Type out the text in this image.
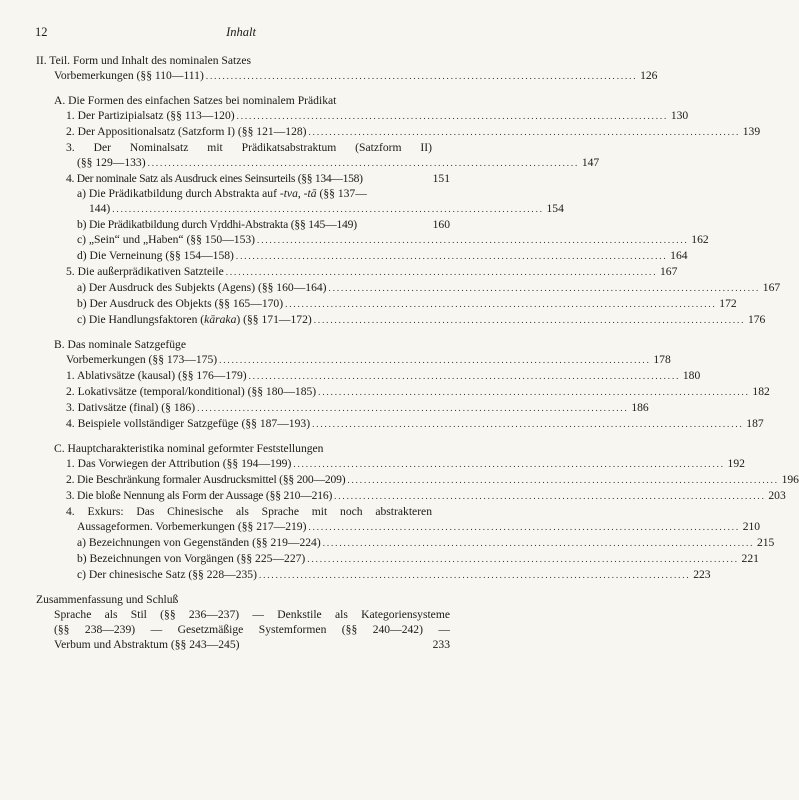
12	Inhalt
II. Teil. Form und Inhalt des nominalen Satzes
Vorbemerkungen (§§ 110—111) ........................................................................................................ 126
A. Die Formen des einfachen Satzes bei nominalem Prädikat
1. Der Partizipialsatz (§§ 113—120) ........................................................................................................ 130
2. Der Appositionalsatz (Satzform I) (§§ 121—128) ........................................................................................................ 139
3. Der Nominalsatz mit Prädikatsabstraktum (Satzform II)
(§§ 129—133) ........................................................................................................ 147
4. Der nominale Satz als Ausdruck eines Seinsurteils (§§ 134—158)	151
a) Die Prädikatbildung durch Abstrakta auf -tva, -tā (§§ 137—
144) ........................................................................................................ 154
b) Die Prädikatbildung durch Vṛddhi-Abstrakta (§§ 145—149)	160
c) „Sein“ und „Haben“ (§§ 150—153) ........................................................................................................ 162
d) Die Verneinung (§§ 154—158) ........................................................................................................ 164
5. Die außerprädikativen Satzteile ........................................................................................................ 167
a) Der Ausdruck des Subjekts (Agens) (§§ 160—164) ........................................................................................................ 167
b) Der Ausdruck des Objekts (§§ 165—170) ........................................................................................................ 172
c) Die Handlungsfaktoren (kāraka) (§§ 171—172) ........................................................................................................ 176
B. Das nominale Satzgefüge
Vorbemerkungen (§§ 173—175) ........................................................................................................ 178
1. Ablativsätze (kausal) (§§ 176—179) ........................................................................................................ 180
2. Lokativsätze (temporal/konditional) (§§ 180—185) ........................................................................................................ 182
3. Dativsätze (final) (§ 186) ........................................................................................................ 186
4. Beispiele vollständiger Satzgefüge (§§ 187—193) ........................................................................................................ 187
C. Hauptcharakteristika nominal geformter Feststellungen
1. Das Vorwiegen der Attribution (§§ 194—199) ........................................................................................................ 192
2. Die Beschränkung formaler Ausdrucksmittel (§§ 200—209) ........................................................................................................ 196
3. Die bloße Nennung als Form der Aussage (§§ 210—216) ........................................................................................................ 203
4. Exkurs: Das Chinesische als Sprache mit noch abstrakteren
Aussageformen. Vorbemerkungen (§§ 217—219) ........................................................................................................ 210
a) Bezeichnungen von Gegenständen (§§ 219—224) ........................................................................................................ 215
b) Bezeichnungen von Vorgängen (§§ 225—227) ........................................................................................................ 221
c) Der chinesische Satz (§§ 228—235) ........................................................................................................ 223
Zusammenfassung und Schluß
Sprache als Stil (§§ 236—237) — Denkstile als Kategoriensysteme
(§§ 238—239) — Gesetzmäßige Systemformen (§§ 240—242) —
Verbum und Abstraktum (§§ 243—245)	233
